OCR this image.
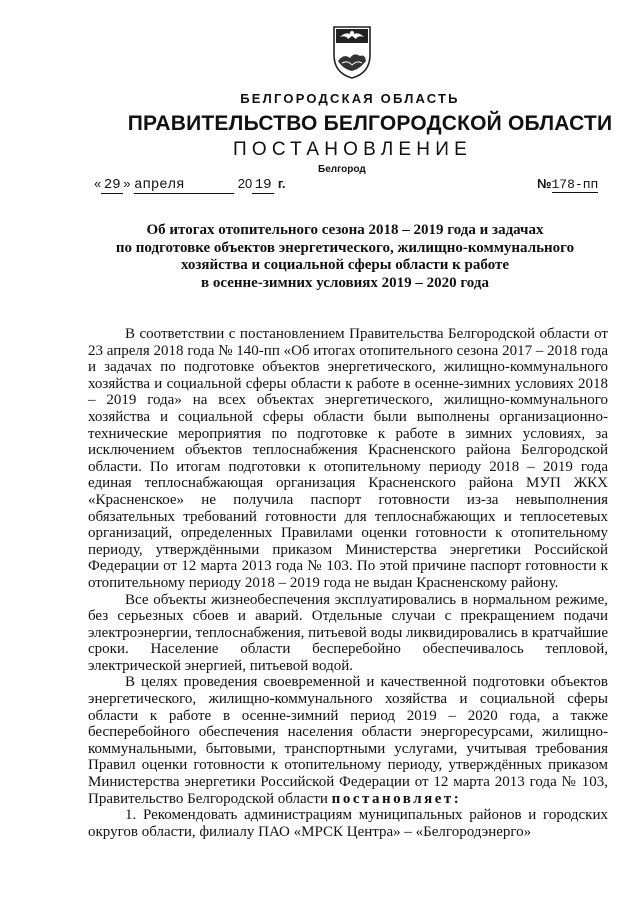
БЕЛГОРОДСКАЯ ОБЛАСТЬ
ПРАВИТЕЛЬСТВО БЕЛГОРОДСКОЙ ОБЛАСТИ
ПОСТАНОВЛЕНИЕ
Белгород
« 29 » апреля	20 19 г.	№178-пп
Об итогах отопительного сезона 2018 – 2019 года и задачах
по подготовке объектов энергетического, жилищно-коммунального
хозяйства и социальной сферы области к работе
в осенне-зимних условиях 2019 – 2020 года

В соответствии с постановлением Правительства Белгородской области от 23 апреля 2018 года № 140-пп «Об итогах отопительного сезона 2017 – 2018 года и задачах по подготовке объектов энергетического, жилищно-коммунального хозяйства и социальной сферы области к работе в осенне-зимних условиях 2018 – 2019 года» на всех объектах энергетического, жилищно-коммунального хозяйства и социальной сферы области были выполнены организационно-технические мероприятия по подготовке к работе в зимних условиях, за исключением объектов теплоснабжения Красненского района Белгородской области. По итогам подготовки к отопительному периоду 2018 – 2019 года единая теплоснабжающая организация Красненского района МУП ЖКХ «Красненское» не получила паспорт готовности из-за невыполнения обязательных требований готовности для теплоснабжающих и теплосетевых организаций, определенных Правилами оценки готовности к отопительному периоду, утверждёнными приказом Министерства энергетики Российской Федерации от 12 марта 2013 года № 103. По этой причине паспорт готовности к отопительному периоду 2018 – 2019 года не выдан Красненскому району.

Все объекты жизнеобеспечения эксплуатировались в нормальном режиме, без серьезных сбоев и аварий. Отдельные случаи с прекращением подачи электроэнергии, теплоснабжения, питьевой воды ликвидировались в кратчайшие сроки. Население области бесперебойно обеспечивалось тепловой, электрической энергией, питьевой водой.

В целях проведения своевременной и качественной подготовки объектов энергетического, жилищно-коммунального хозяйства и социальной сферы области к работе в осенне-зимний период 2019 – 2020 года, а также бесперебойного обеспечения населения области энергоресурсами, жилищно-коммунальными, бытовыми, транспортными услугами, учитывая требования Правил оценки готовности к отопительному периоду, утверждённых приказом Министерства энергетики Российской Федерации от 12 марта 2013 года № 103, Правительство Белгородской области постановляет:

1. Рекомендовать администрациям муниципальных районов и городских округов области, филиалу ПАО «МРСК Центра» – «Белгородэнерго»
